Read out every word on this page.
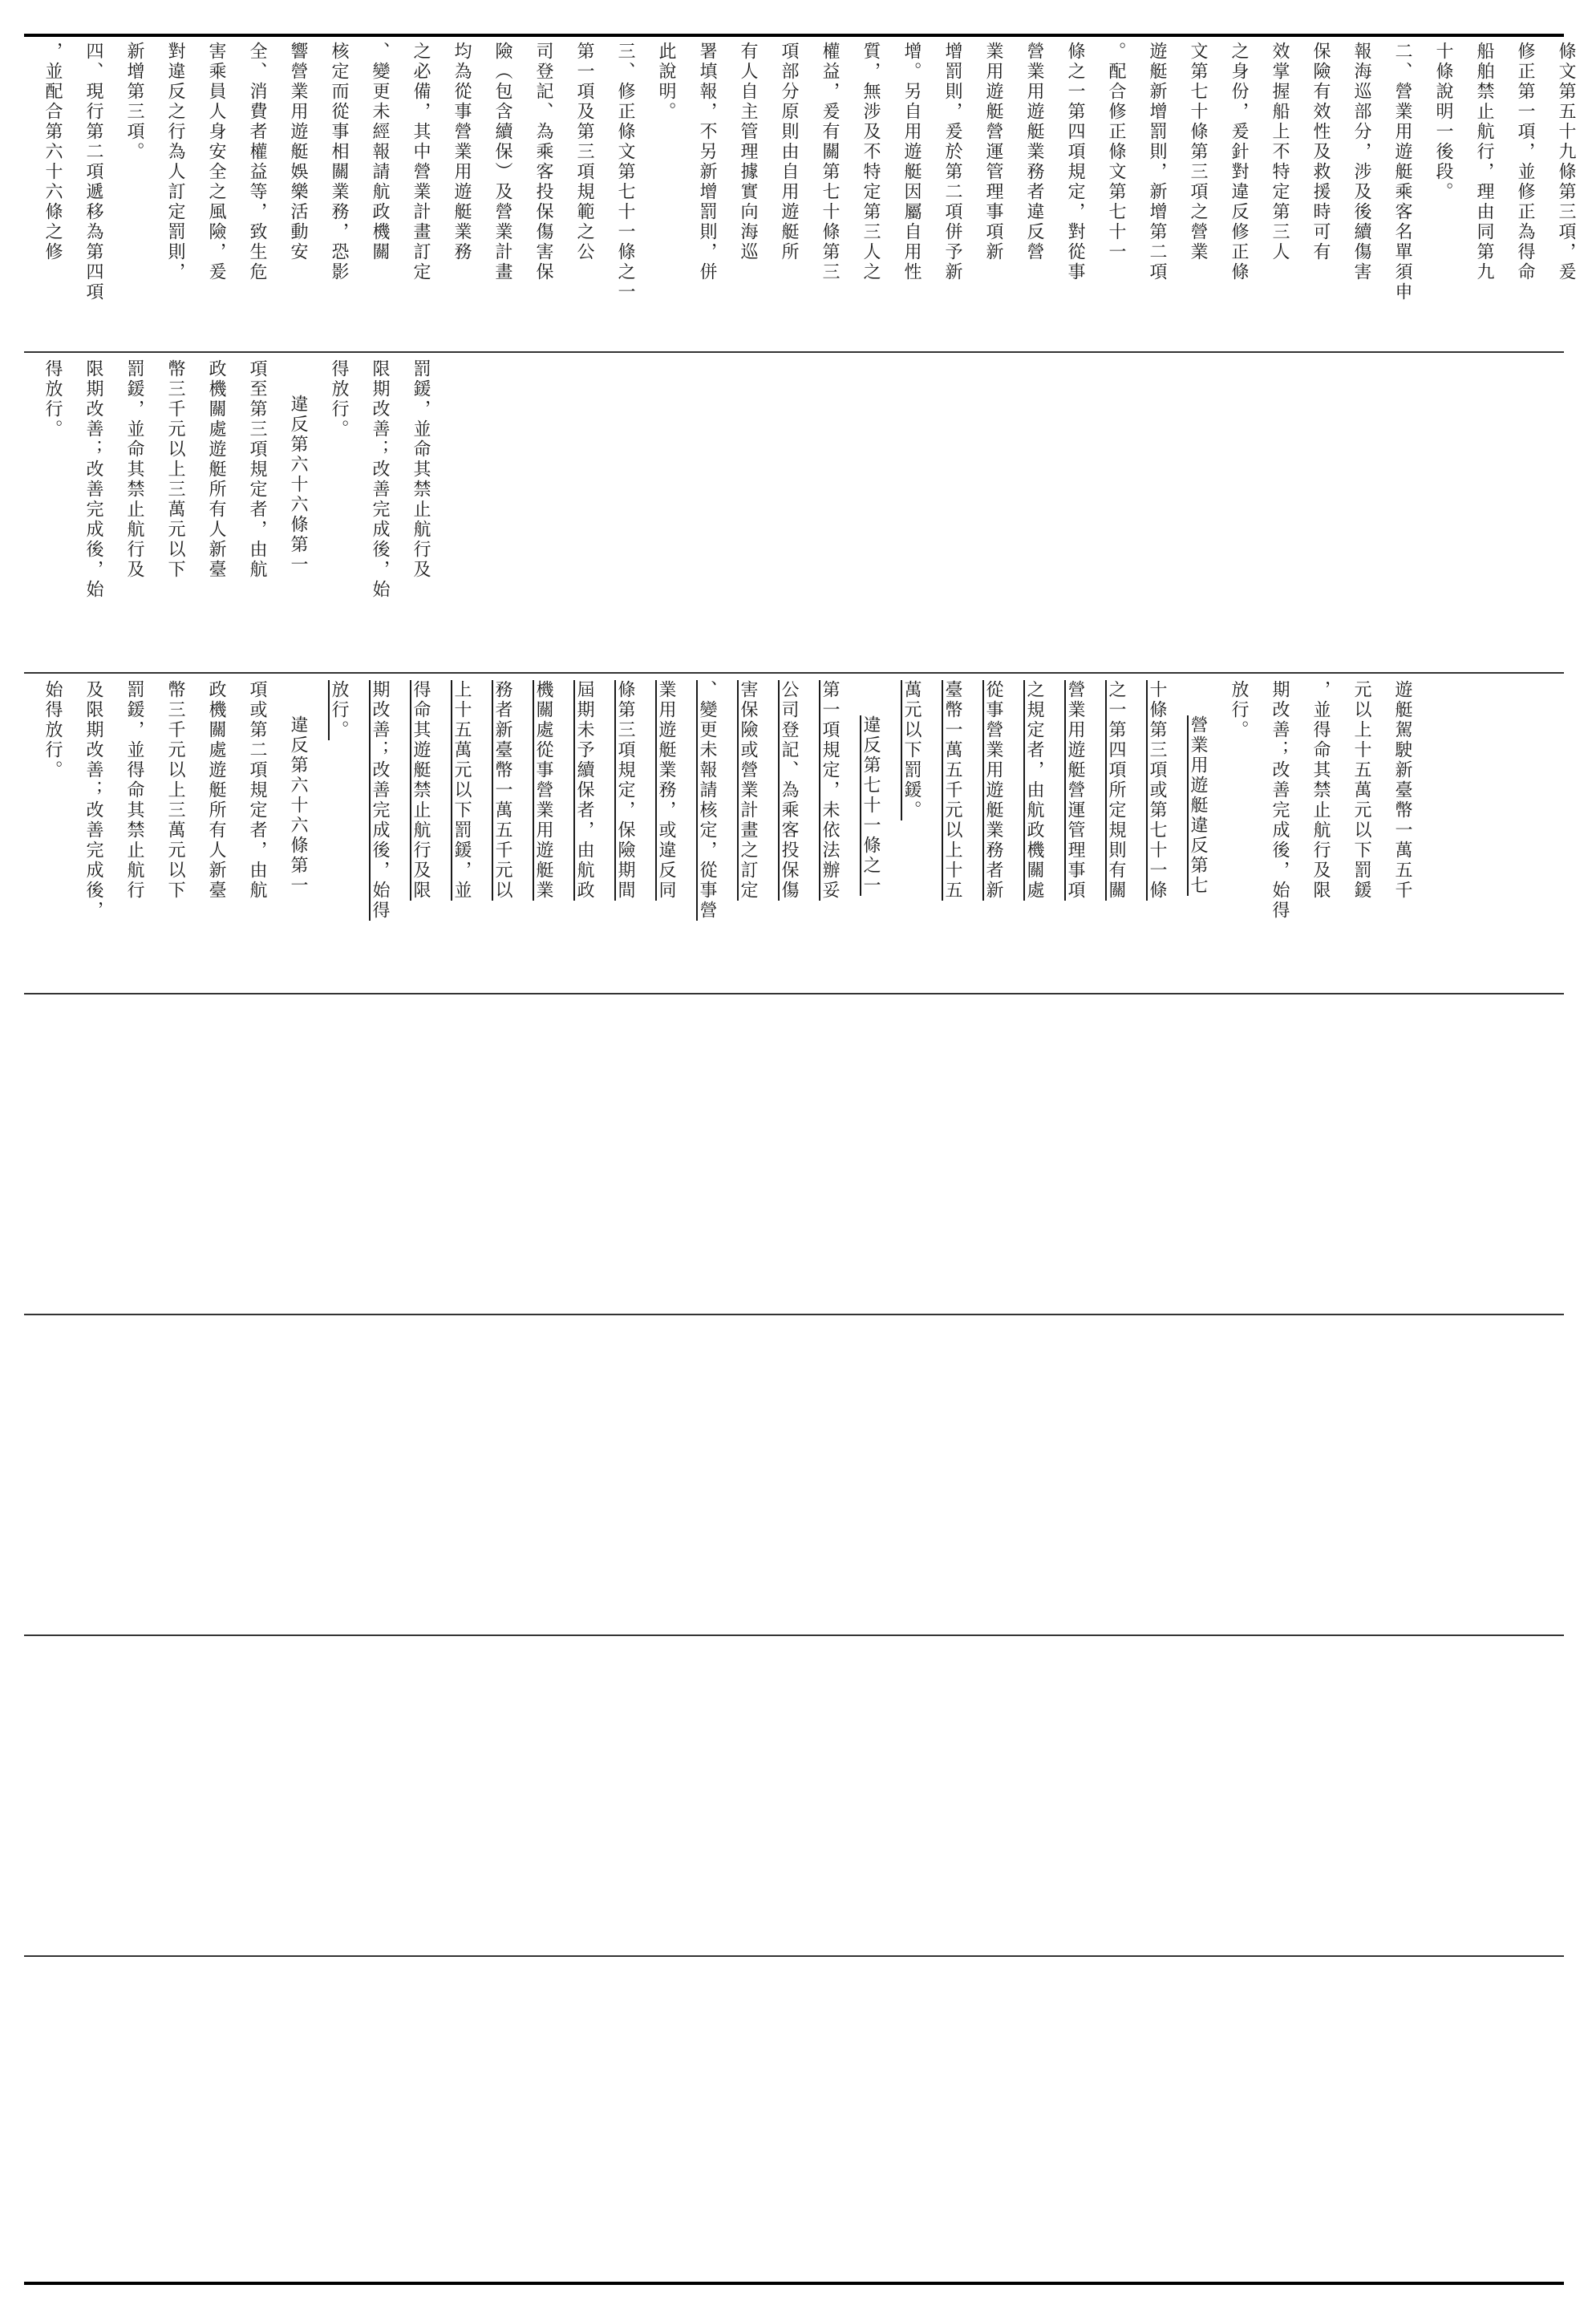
條文第五十九條第三項，爰
修正第一項，並修正為得命
船舶禁止航行，理由同第九
十條說明一後段。
二、營業用遊艇乘客名單須申
報海巡部分，涉及後續傷害
保險有效性及救援時可有
效掌握船上不特定第三人
之身份，爰針對違反修正條
文第七十條第三項之營業
遊艇新增罰則，新增第二項
。配合修正條文第七十一
條之一第四項規定，對從事
營業用遊艇業務者違反營
業用遊艇營運管理事項新
增罰則，爰於第二項併予新
增。另自用遊艇因屬自用性
質，無涉及不特定第三人之
權益，爰有關第七十條第三
項部分原則由自用遊艇所
有人自主管理據實向海巡
署填報，不另新增罰則，併
此說明。
三、修正條文第七十一條之一
第一項及第三項規範之公
司登記、為乘客投保傷害保
險（包含續保）及營業計畫
均為從事營業用遊艇業務
之必備，其中營業計畫訂定
、變更未經報請航政機關
核定而從事相關業務，恐影
響營業用遊艇娛樂活動安
全、消費者權益等，致生危
害乘員人身安全之風險，爰
對違反之行為人訂定罰則，
新增第三項。
四、現行第二項遞移為第四項
，並配合第六十六條之修
罰鍰，並命其禁止航行及
限期改善；改善完成後，始
得放行。
違反第六十六條第一
項至第三項規定者，由航
政機關處遊艇所有人新臺
幣三千元以上三萬元以下
罰鍰，並命其禁止航行及
限期改善；改善完成後，始
得放行。
遊艇駕駛新臺幣一萬五千
元以上十五萬元以下罰鍰
，並得命其禁止航行及限
期改善；改善完成後，始得
放行。
營業用遊艇違反第七
十條第三項或第七十一條
之一第四項所定規則有關
營業用遊艇營運管理事項
之規定者，由航政機關處
從事營業用遊艇業務者新
臺幣一萬五千元以上十五
萬元以下罰鍰。
違反第七十一條之一
第一項規定，未依法辦妥
公司登記、為乘客投保傷
害保險或營業計畫之訂定
、變更未報請核定，從事營
業用遊艇業務，或違反同
條第三項規定，保險期間
屆期未予續保者，由航政
機關處從事營業用遊艇業
務者新臺幣一萬五千元以
上十五萬元以下罰鍰，並
得命其遊艇禁止航行及限
期改善；改善完成後，始得
放行。
違反第六十六條第一
項或第二項規定者，由航
政機關處遊艇所有人新臺
幣三千元以上三萬元以下
罰鍰，並得命其禁止航行
及限期改善；改善完成後，
始得放行。
